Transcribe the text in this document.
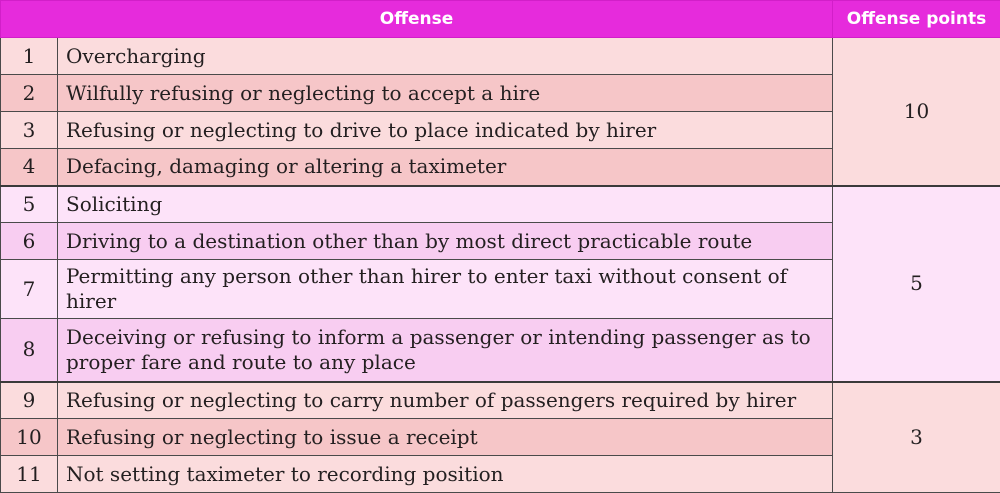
Offense		Offense points
1	Overcharging	10
2	Wilfully refusing or neglecting to accept a hire	
3	Refusing or neglecting to drive to place indicated by hirer	
4	Defacing, damaging or altering a taximeter	
5	Soliciting	5
6	Driving to a destination other than by most direct practicable route	
7	Permitting any person other than hirer to enter taxi without consent of hirer	
8	Deceiving or refusing to inform a passenger or intending passenger as to proper fare and route to any place	
9	Refusing or neglecting to carry number of passengers required by hirer	3
10	Refusing or neglecting to issue a receipt	
11	Not setting taximeter to recording position	
